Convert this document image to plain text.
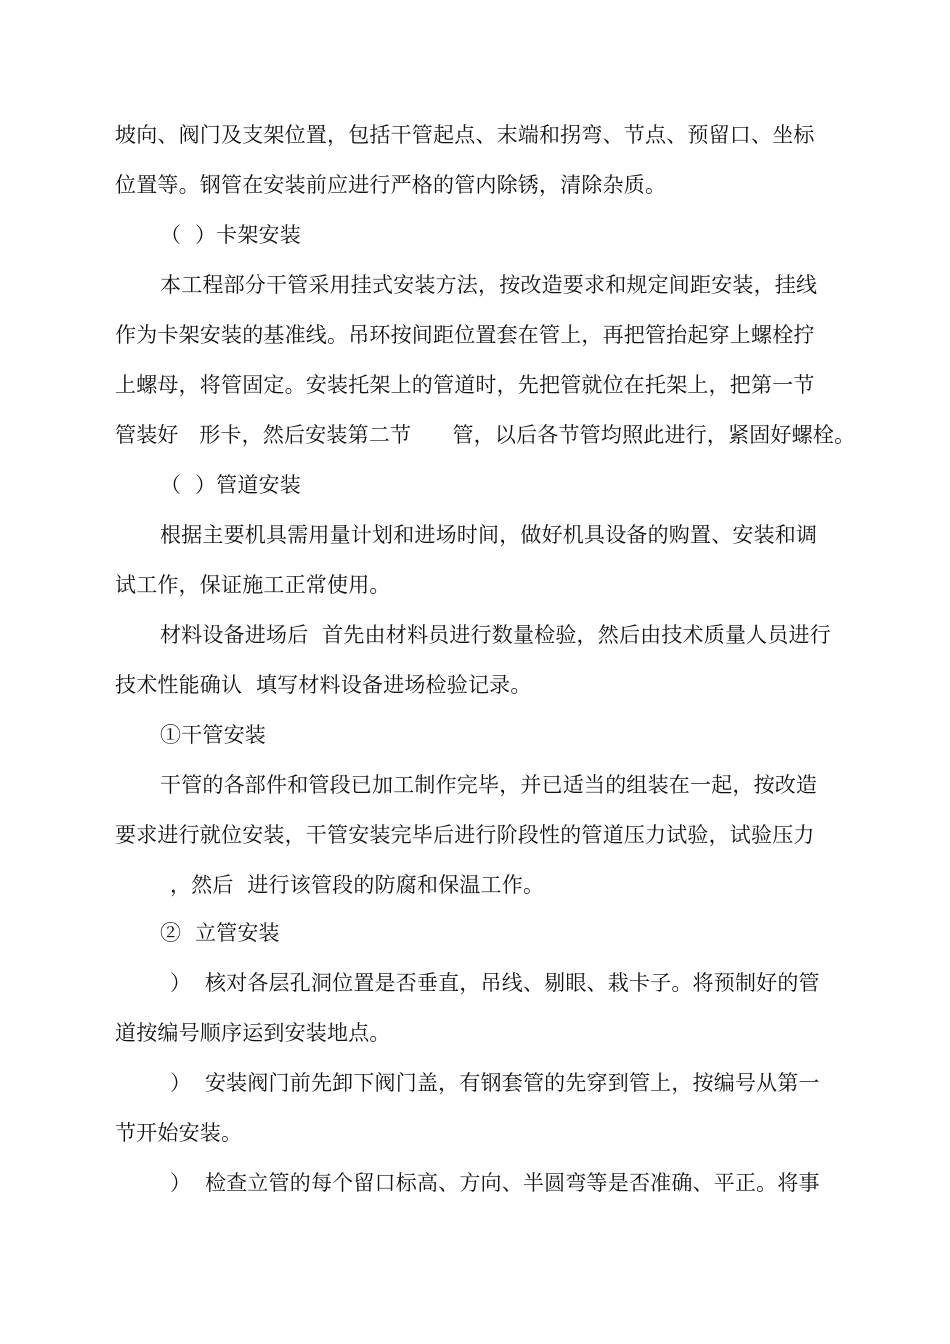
坡向、阀门及支架位置，包括干管起点、末端和拐弯、节点、预留口、坐标
位置等。钢管在安装前应进行严格的管内除锈，清除杂质。
（  ）卡架安装
本工程部分干管采用挂式安装方法，按改造要求和规定间距安装，挂线
作为卡架安装的基准线。吊环按间距位置套在管上，再把管抬起穿上螺栓拧
上螺母，将管固定。安装托架上的管道时，先把管就位在托架上，把第一节
管装好   形卡，然后安装第二节      管，以后各节管均照此进行，紧固好螺栓。
（  ）管道安装
根据主要机具需用量计划和进场时间，做好机具设备的购置、安装和调
试工作，保证施工正常使用。
材料设备进场后  首先由材料员进行数量检验，然后由技术质量人员进行
技术性能确认  填写材料设备进场检验记录。
①干管安装
干管的各部件和管段已加工制作完毕，并已适当的组装在一起，按改造
要求进行就位安装，干管安装完毕后进行阶段性的管道压力试验，试验压力
，然后  进行该管段的防腐和保温工作。
②  立管安装
）  核对各层孔洞位置是否垂直，吊线、剔眼、栽卡子。将预制好的管
道按编号顺序运到安装地点。
）  安装阀门前先卸下阀门盖，有钢套管的先穿到管上，按编号从第一
节开始安装。
）  检查立管的每个留口标高、方向、半圆弯等是否准确、平正。将事
